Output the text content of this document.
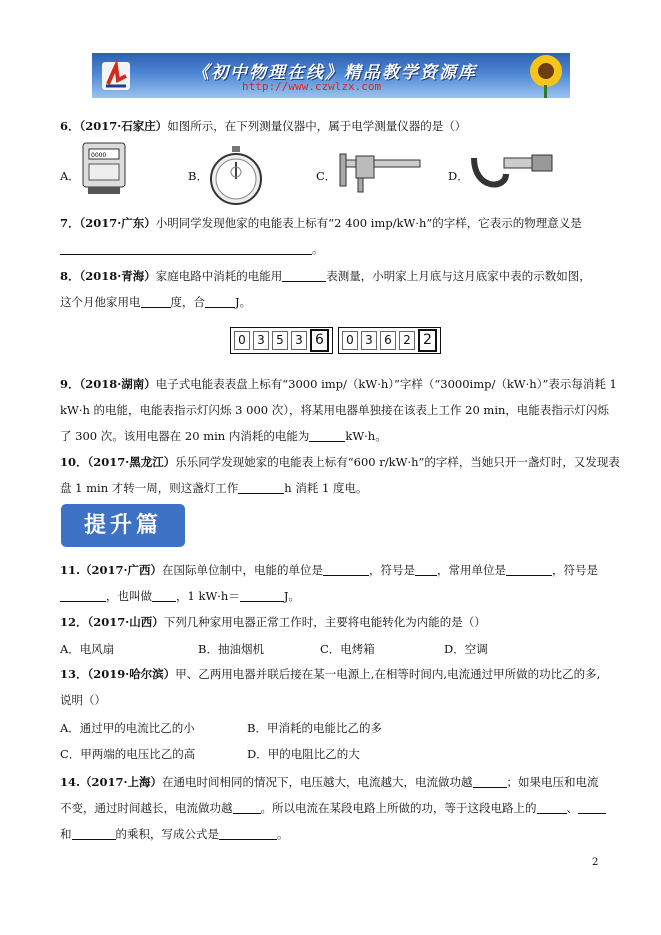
《初中物理在线》精品教学资源库
http://www.czwlzx.com
6．（2017·石家庄）如图所示，在下列测量仪器中，属于电学测量仪器的是（）
A．
0000
B．	C．	D．
7．（2017·广东）小明同学发现他家的电能表上标有“2 400 imp/kW·h”的字样，它表示的物理意义是
。
8．（2018·青海）家庭电路中消耗的电能用	表测量，小明家上月底与这月底家中表的示数如图，
这个月他家用电	度，合	J。
0 3 5 3 6	0 3 6 2 2
9．（2018·湖南）电子式电能表表盘上标有“3000 imp/（kW·h）”字样（“3000imp/（kW·h）”表示每消耗 1
kW·h 的电能，电能表指示灯闪烁 3 000 次），将某用电器单独接在该表上工作 20 min，电能表指示灯闪烁
了 300 次。该用电器在 20 min 内消耗的电能为	kW·h。
10．（2017·黑龙江）乐乐同学发现她家的电能表上标有“600 r/kW·h”的字样，当她只开一盏灯时，又发现表
盘 1 min 才转一周，则这盏灯工作	h 消耗 1 度电。
提升篇
11.（2017·广西）在国际单位制中，电能的单位是	，符号是 ，常用单位是	，符号是
，也叫做 ，1 kW·h＝	J。
12．（2017·山西）下列几种家用电器正常工作时，主要将电能转化为内能的是（）
A．电风扇	B．抽油烟机	C．电烤箱	D．空调
13．（2019·哈尔滨）甲、乙两用电器并联后接在某一电源上,在相等时间内,电流通过甲所做的功比乙的多,
说明（）
A．通过甲的电流比乙的小	B．甲消耗的电能比乙的多
C．甲两端的电压比乙的高	D．甲的电阻比乙的大
14.（2017·上海）在通电时间相同的情况下，电压越大，电流越大，电流做功越	；如果电压和电流
不变，通过时间越长，电流做功越 。所以电流在某段电路上所做的功，等于这段电路上的	、
和	的乘积，写成公式是	。
2
